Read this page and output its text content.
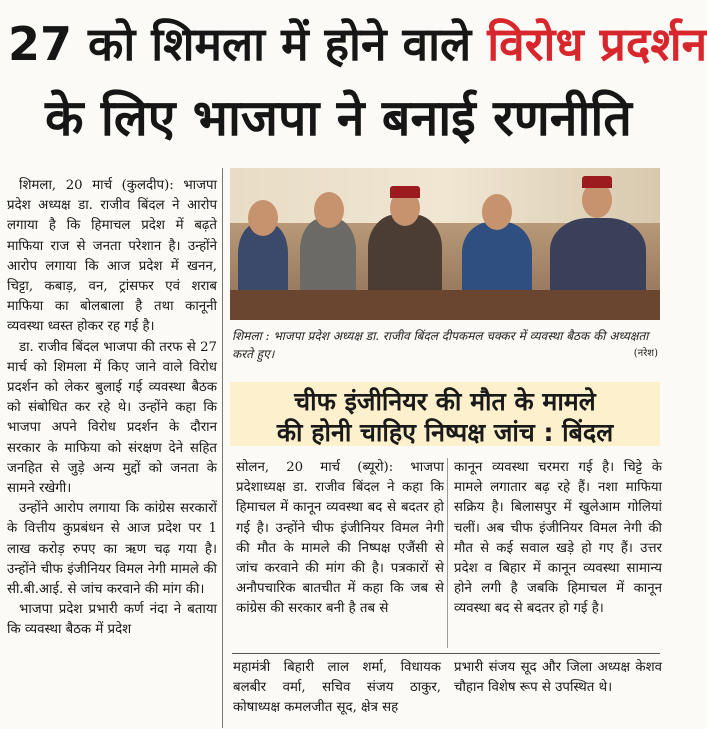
27 को शिमला में होने वाले विरोध प्रदर्शन
के लिए भाजपा ने बनाई रणनीति

शिमला, 20 मार्च (कुलदीप): भाजपा प्रदेश अध्यक्ष डा. राजीव बिंदल ने आरोप लगाया है कि हिमाचल प्रदेश में बढ़ते माफिया राज से जनता परेशान है। उन्होंने आरोप लगाया कि आज प्रदेश में खनन, चिट्टा, कबाड़, वन, ट्रांसफर एवं शराब माफिया का बोलबाला है तथा कानूनी व्यवस्था ध्वस्त होकर रह गई है।

डा. राजीव बिंदल भाजपा की तरफ से 27 मार्च को शिमला में किए जाने वाले विरोध प्रदर्शन को लेकर बुलाई गई व्यवस्था बैठक को संबोधित कर रहे थे। उन्होंने कहा कि भाजपा अपने विरोध प्रदर्शन के दौरान सरकार के माफिया को संरक्षण देने सहित जनहित से जुड़े अन्य मुद्दों को जनता के सामने रखेगी।

उन्होंने आरोप लगाया कि कांग्रेस सरकारों के वित्तीय कुप्रबंधन से आज प्रदेश पर 1 लाख करोड़ रुपए का ऋण चढ़ गया है। उन्होंने चीफ इंजीनियर विमल नेगी मामले की सी.बी.आई. से जांच करवाने की मांग की।

भाजपा प्रदेश प्रभारी कर्ण नंदा ने बताया कि व्यवस्था बैठक में प्रदेश

शिमला : भाजपा प्रदेश अध्यक्ष डा. राजीव बिंदल दीपकमल चक्कर में व्यवस्था बैठक की अध्यक्षता करते हुए।	(नरेश)
चीफ इंजीनियर की मौत के मामले
की होनी चाहिए निष्पक्ष जांच : बिंदल

सोलन, 20 मार्च (ब्यूरो): भाजपा प्रदेशाध्यक्ष डा. राजीव बिंदल ने कहा कि हिमाचल में कानून व्यवस्था बद से बदतर हो गई है। उन्होंने चीफ इंजीनियर विमल नेगी की मौत के मामले की निष्पक्ष एजैंसी से जांच करवाने की मांग की है। पत्रकारों से अनौपचारिक बातचीत में कहा कि जब से कांग्रेस की सरकार बनी है तब से

कानून व्यवस्था चरमरा गई है। चिट्टे के मामले लगातार बढ़ रहे हैं। नशा माफिया सक्रिय है। बिलासपुर में खुलेआम गोलियां चलीं। अब चीफ इंजीनियर विमल नेगी की मौत से कई सवाल खड़े हो गए हैं। उत्तर प्रदेश व बिहार में कानून व्यवस्था सामान्य होने लगी है जबकि हिमाचल में कानून व्यवस्था बद से बदतर हो गई है।

महामंत्री बिहारी लाल शर्मा, विधायक बलबीर वर्मा, सचिव संजय ठाकुर, कोषाध्यक्ष कमलजीत सूद, क्षेत्र सह

प्रभारी संजय सूद और जिला अध्यक्ष केशव चौहान विशेष रूप से उपस्थित थे।
